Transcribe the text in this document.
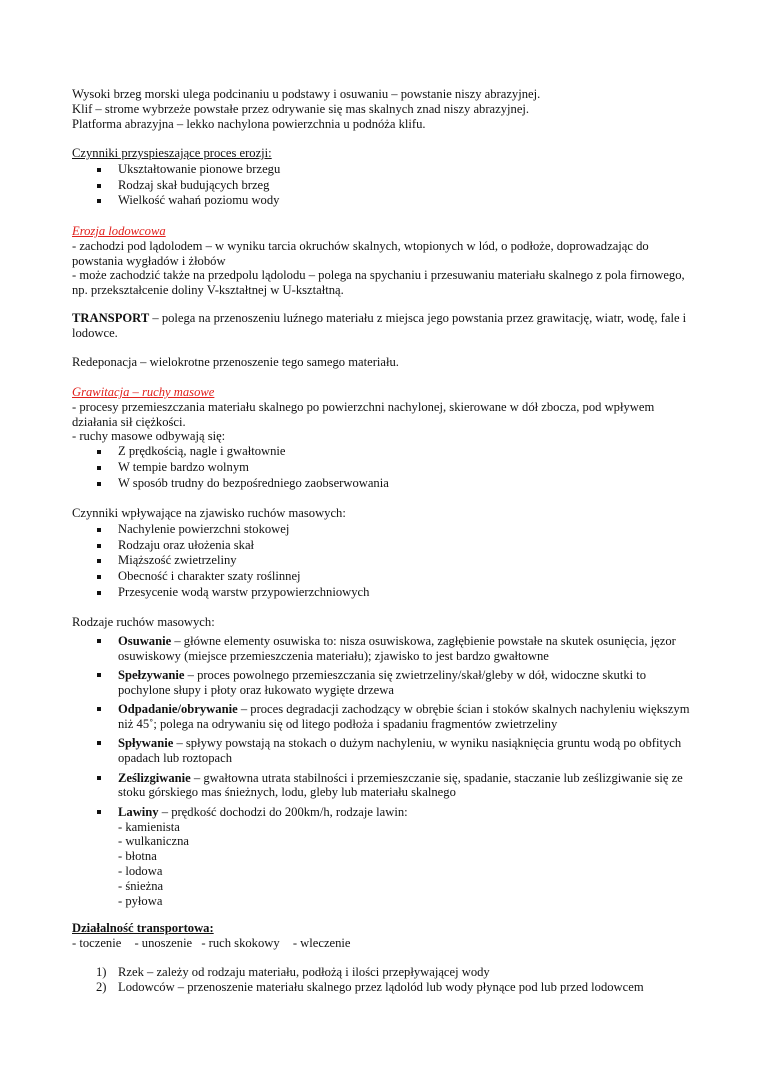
Wysoki brzeg morski ulega podcinaniu u podstawy i osuwaniu – powstanie niszy abrazyjnej.
Klif – strome wybrzeże powstałe przez odrywanie się mas skalnych znad niszy abrazyjnej.
Platforma abrazyjna – lekko nachylona powierzchnia u podnóża klifu.
Czynniki przyspieszające proces erozji:
Ukształtowanie pionowe brzegu
Rodzaj skał budujących brzeg
Wielkość wahań poziomu wody
Erozja lodowcowa
- zachodzi pod lądolodem – w wyniku tarcia okruchów skalnych, wtopionych w lód, o podłoże, doprowadzając do powstania wygładów i żłobów
- może zachodzić także na przedpolu lądolodu – polega na spychaniu i przesuwaniu materiału skalnego z pola firnowego, np. przekształcenie doliny V-kształtnej w U-kształtną.
TRANSPORT – polega na przenoszeniu luźnego materiału z miejsca jego powstania przez grawitację, wiatr, wodę, fale i lodowce.
Redeponacja – wielokrotne przenoszenie tego samego materiału.
Grawitacja – ruchy masowe
- procesy przemieszczania materiału skalnego po powierzchni nachylonej, skierowane w dół zbocza, pod wpływem działania sił ciężkości.
- ruchy masowe odbywają się:
Z prędkością, nagle i gwałtownie
W tempie bardzo wolnym
W sposób trudny do bezpośredniego zaobserwowania
Czynniki wpływające na zjawisko ruchów masowych:
Nachylenie powierzchni stokowej
Rodzaju oraz ułożenia skał
Miąższość zwietrzeliny
Obecność i charakter szaty roślinnej
Przesycenie wodą warstw przypowierzchniowych
Rodzaje ruchów masowych:
Osuwanie – główne elementy osuwiska to: nisza osuwiskowa, zagłębienie powstałe na skutek osunięcia, jęzor osuwiskowy (miejsce przemieszczenia materiału); zjawisko to jest bardzo gwałtowne
Spełzywanie – proces powolnego przemieszczania się zwietrzeliny/skał/gleby w dół, widoczne skutki to pochylone słupy i płoty oraz łukowato wygięte drzewa
Odpadanie/obrywanie – proces degradacji zachodzący w obrębie ścian i stoków skalnych nachyleniu większym niż 45˚; polega na odrywaniu się od litego podłoża i spadaniu fragmentów zwietrzeliny
Spływanie – spływy powstają na stokach o dużym nachyleniu, w wyniku nasiąknięcia gruntu wodą po obfitych opadach lub roztopach
Ześlizgiwanie – gwałtowna utrata stabilności i przemieszczanie się, spadanie, staczanie lub ześlizgiwanie się ze stoku górskiego mas śnieżnych, lodu, gleby lub materiału skalnego
Lawiny – prędkość dochodzi do 200km/h, rodzaje lawin:
- kamienista
- wulkaniczna
- błotna
- lodowa
- śnieżna
- pyłowa
Działalność transportowa:
- toczenie - unoszenie - ruch skokowy - wleczenie
1) Rzek – zależy od rodzaju materiału, podłożą i ilości przepływającej wody
2) Lodowców – przenoszenie materiału skalnego przez lądolód lub wody płynące pod lub przed lodowcem
